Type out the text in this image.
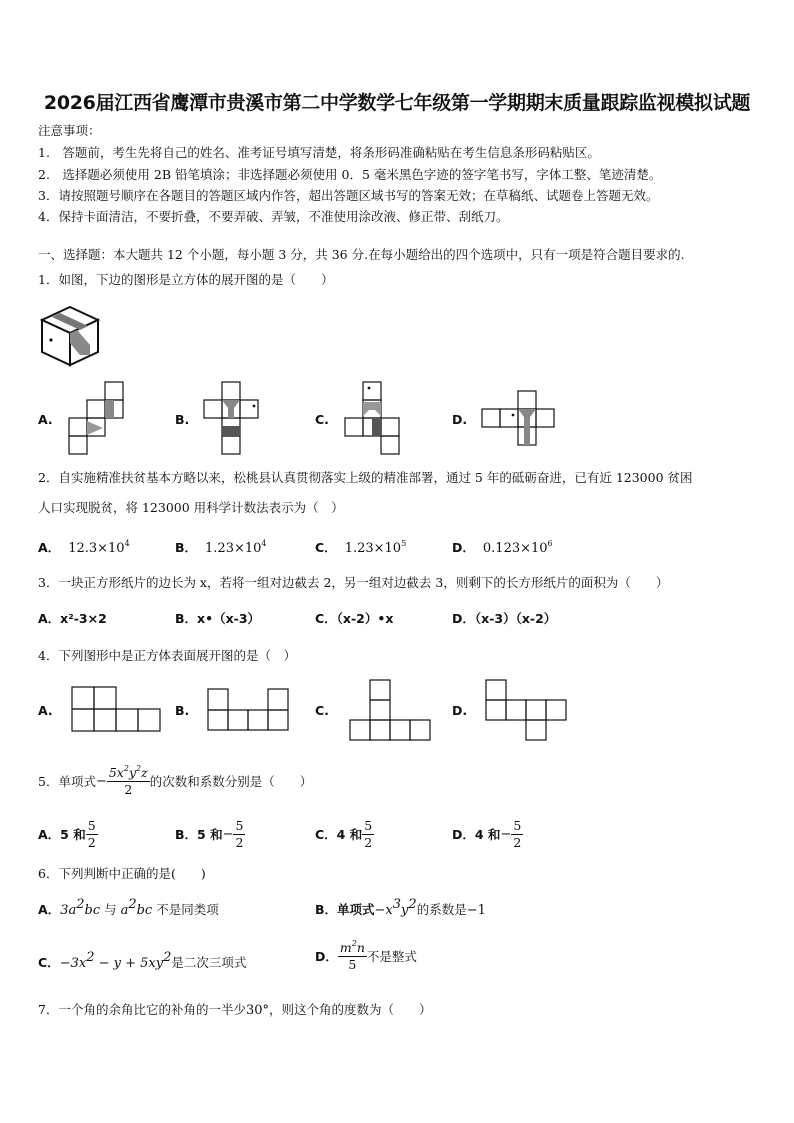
2026届江西省鹰潭市贵溪市第二中学数学七年级第一学期期末质量跟踪监视模拟试题
注意事项：
1.　答题前，考生先将自己的姓名、准考证号填写清楚，将条形码准确粘贴在考生信息条形码粘贴区。
2.　选择题必须使用 2B 铅笔填涂；非选择题必须使用 0．5 毫米黑色字迹的签字笔书写，字体工整、笔迹清楚。
3．请按照题号顺序在各题目的答题区域内作答，超出答题区域书写的答案无效；在草稿纸、试题卷上答题无效。
4．保持卡面清洁，不要折叠，不要弄破、弄皱，不准使用涂改液、修正带、刮纸刀。
一、选择题：本大题共 12 个小题，每小题 3 分，共 36 分.在每小题给出的四个选项中，只有一项是符合题目要求的.
1．如图，下边的图形是立方体的展开图的是（　　）
A.	B.	C.	D.
2．自实施精准扶贫基本方略以来，松桃县认真贯彻落实上级的精准部署，通过 5 年的砥砺奋进，已有近 123000 贫困
人口实现脱贫，将 123000 用科学计数法表示为（　）
A． $12.3\times 10^4$	B． $1.23\times 10^4$	C． $1.23\times 10^5$	D． $0.123\times 10^6$
3．一块正方形纸片的边长为 x，若将一组对边截去 2，另一组对边截去 3，则剩下的长方形纸片的面积为（　　）
A．x²-3×2	B．x•（x-3）	C．（x-2）•x	D．（x-3）（x-2）
4．下列图形中是正方体表面展开图的是（　）
A.	B.	C.	D.
5．单项式 − $\frac{5x^2y^2z}{2}$ 的次数和系数分别是（　　）
A．5 和 $\frac{5}{2}$	B．5 和 − $\frac{5}{2}$	C．4 和 $\frac{5}{2}$	D．4 和 − $\frac{5}{2}$
6．下列判断中正确的是(　　)
A．$3a^2bc$ 与 $a^2bc$ 不是同类项	B．单项式$-x^3y^2$的系数是−1
C．$-3x^2 - y + 5xy^2$是二次三项式	D． $\frac{m^2n}{5}$ 不是整式
7．一个角的余角比它的补角的一半少30°，则这个角的度数为（　　）
